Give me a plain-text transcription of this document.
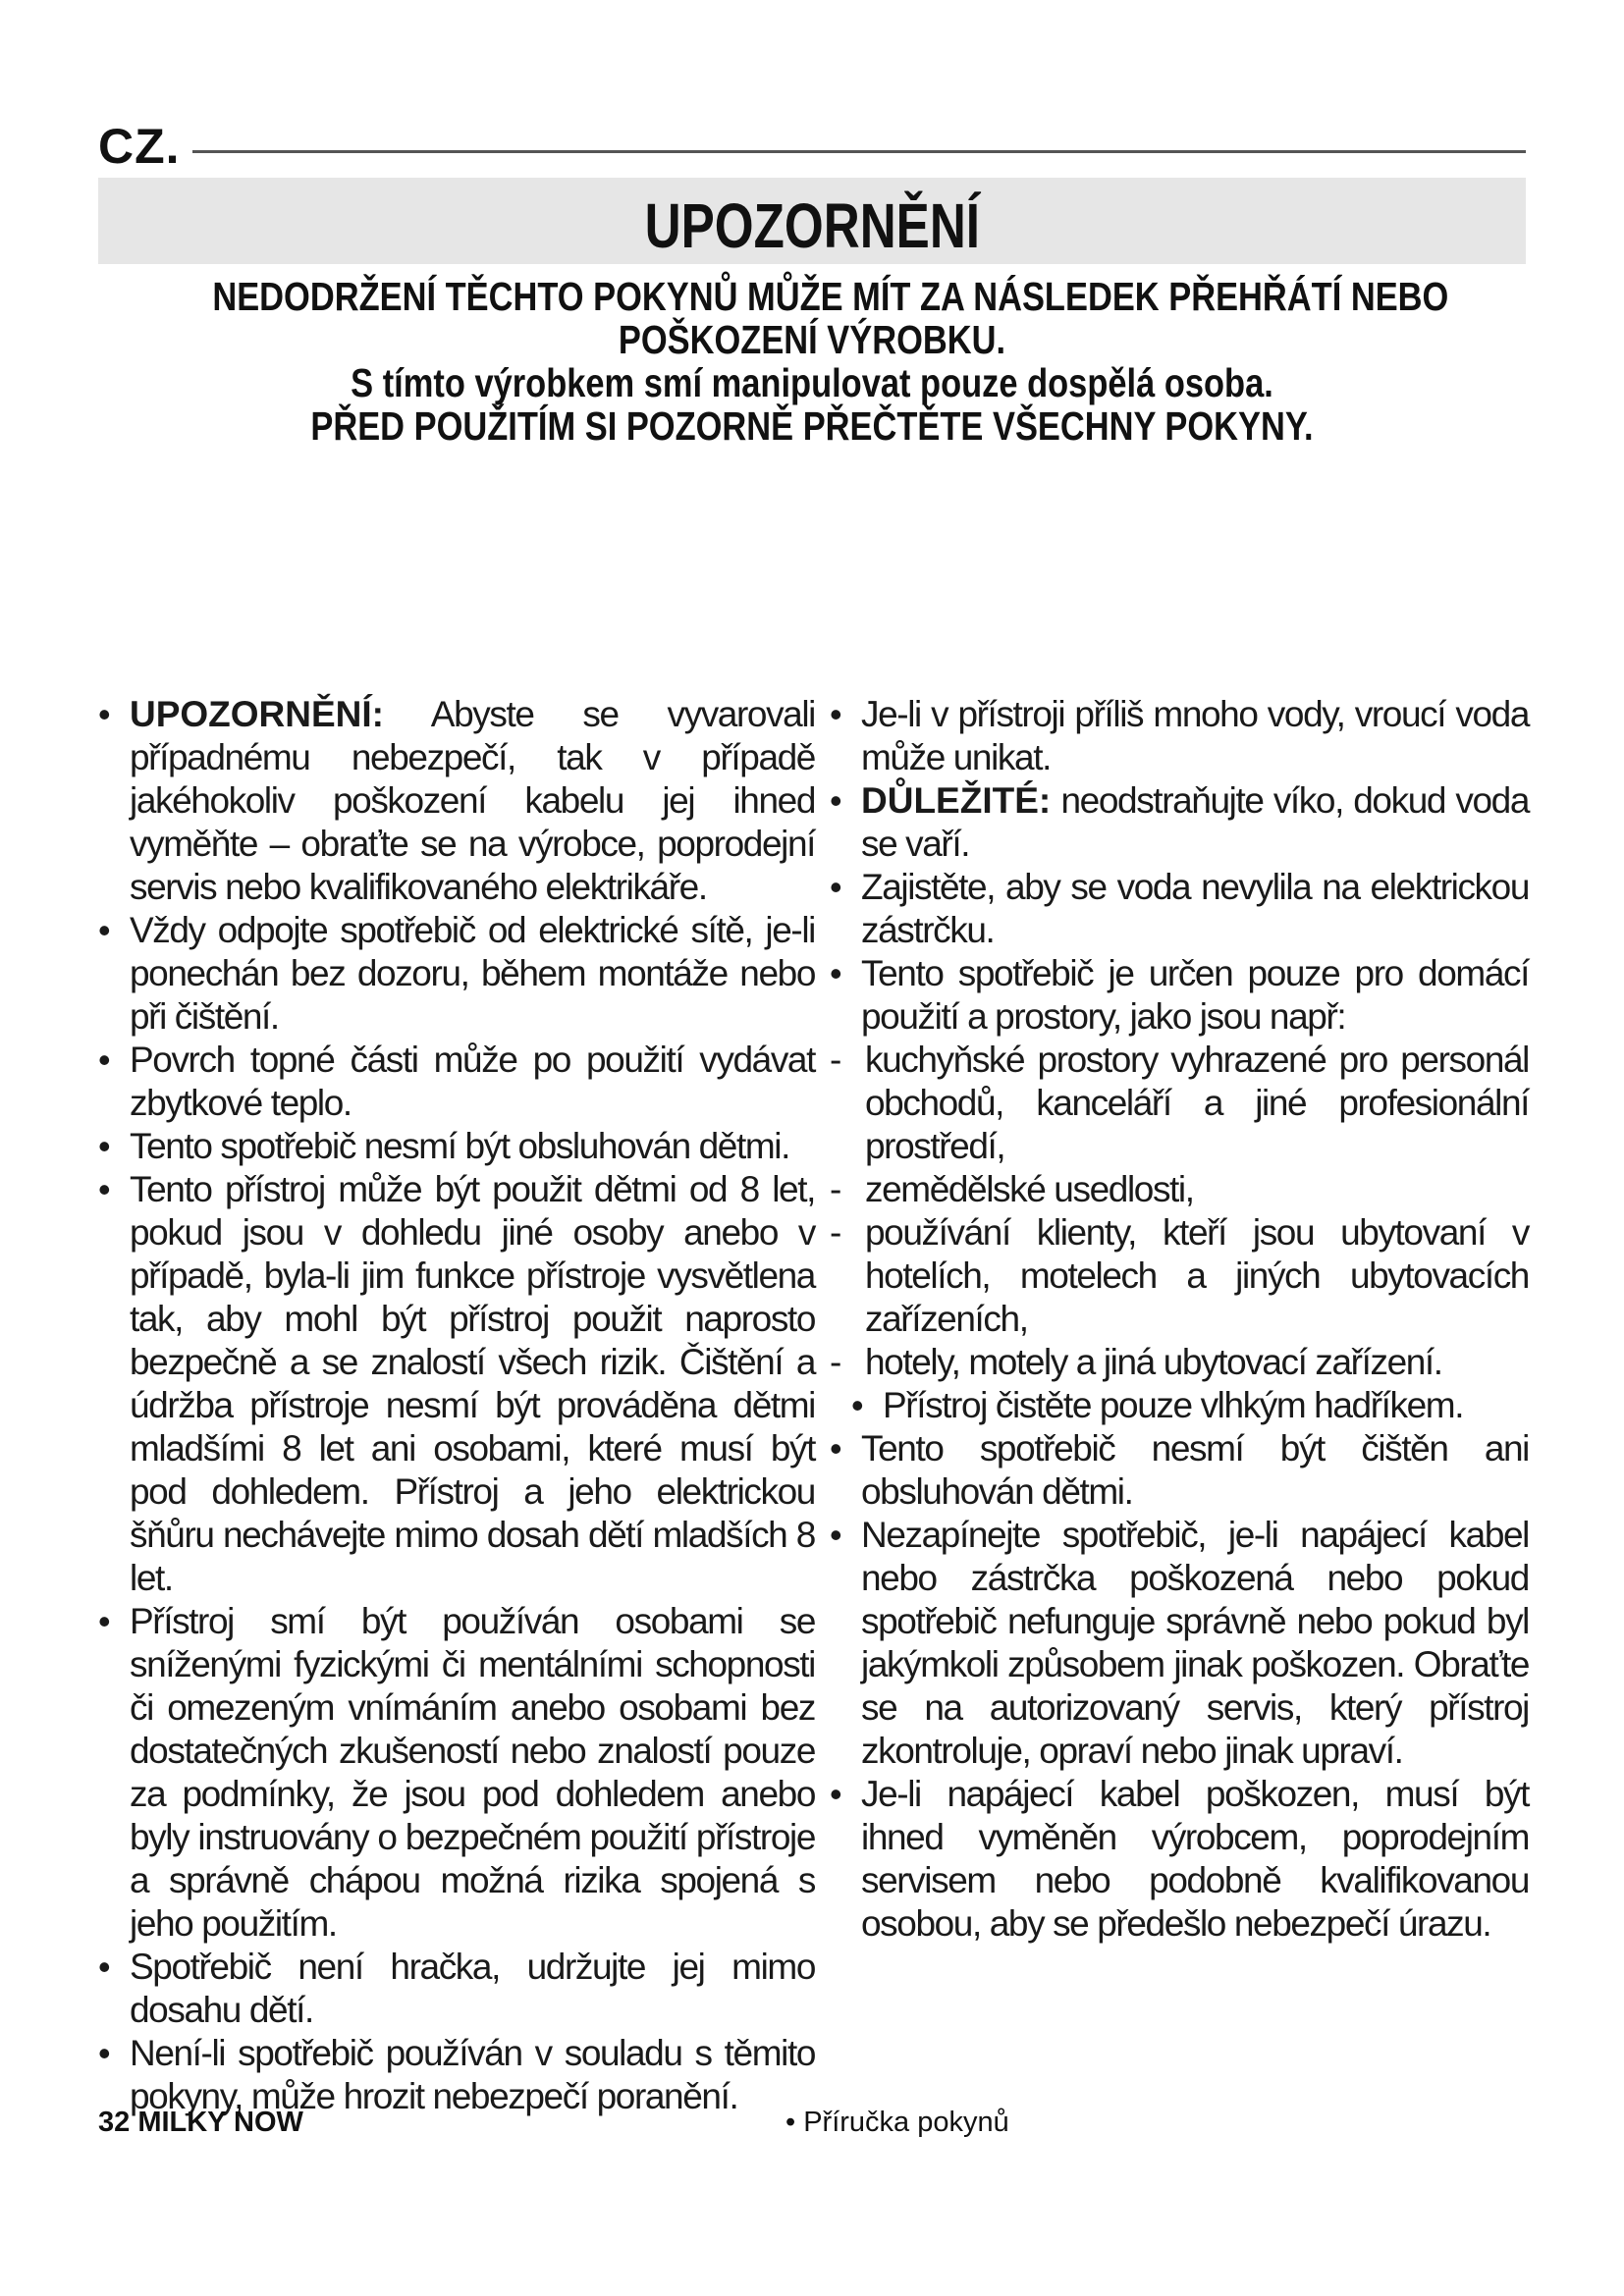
CZ.
UPOZORNĚNÍ
NEDODRŽENÍ TĚCHTO POKYNŮ MŮŽE MÍT ZA NÁSLEDEK PŘEHŘÁTÍ NEBO
POŠKOZENÍ VÝROBKU.
S tímto výrobkem smí manipulovat pouze dospělá osoba.
PŘED POUŽITÍM SI POZORNĚ PŘEČTĚTE VŠECHNY POKYNY.

• UPOZORNĚNÍ: Abyste se vyvarovali případnému nebezpečí, tak v případě jakéhokoliv poškození kabelu jej ihned vyměňte – obraťte se na výrobce, poprodejní servis nebo kvalifikovaného elektrikáře.

• Vždy odpojte spotřebič od elektrické sítě, je-li ponechán bez dozoru, během montáže nebo při čištění.

• Povrch topné části může po použití vydávat zbytkové teplo.

• Tento spotřebič nesmí být obsluhován dětmi.

• Tento přístroj může být použit dětmi od 8 let, pokud jsou v dohledu jiné osoby anebo v případě, byla-li jim funkce přístroje vysvětlena tak, aby mohl být přístroj použit naprosto bezpečně a se znalostí všech rizik. Čištění a údržba přístroje nesmí být prováděna dětmi mladšími 8 let ani osobami, které musí být pod dohledem. Přístroj a jeho elektrickou šňůru nechávejte mimo dosah dětí mladších 8 let.

• Přístroj smí být používán osobami se sníženými fyzickými či mentálními schopnosti či omezeným vnímáním anebo osobami bez dostatečných zkušeností nebo znalostí pouze za podmínky, že jsou pod dohledem anebo byly instruovány o bezpečném použití přístroje a správně chápou možná rizika spojená s jeho použitím.

• Spotřebič není hračka, udržujte jej mimo dosahu dětí.

• Není-li spotřebič používán v souladu s těmito pokyny, může hrozit nebezpečí poranění.

• Je-li v přístroji příliš mnoho vody, vroucí voda může unikat.

• DŮLEŽITÉ: neodstraňujte víko, dokud voda se vaří.

• Zajistěte, aby se voda nevylila na elektrickou zástrčku.

• Tento spotřebič je určen pouze pro domácí použití a prostory, jako jsou např:

- kuchyňské prostory vyhrazené pro personál obchodů, kanceláří a jiné profesionální prostředí,

- zemědělské usedlosti,

- používání klienty, kteří jsou ubytovaní v hotelích, motelech a jiných ubytovacích zařízeních,

- hotely, motely a jiná ubytovací zařízení.

• Přístroj čistěte pouze vlhkým hadříkem.

• Tento spotřebič nesmí být čištěn ani obsluhován dětmi.

• Nezapínejte spotřebič, je-li napájecí kabel nebo zástrčka poškozená nebo pokud spotřebič nefunguje správně nebo pokud byl jakýmkoli způsobem jinak poškozen. Obraťte se na autorizovaný servis, který přístroj zkontroluje, opraví nebo jinak upraví.

• Je-li napájecí kabel poškozen, musí být ihned vyměněn výrobcem, poprodejním servisem nebo podobně kvalifikovanou osobou, aby se předešlo nebezpečí úrazu.

32 MILKY NOW	• Příručka pokynů
